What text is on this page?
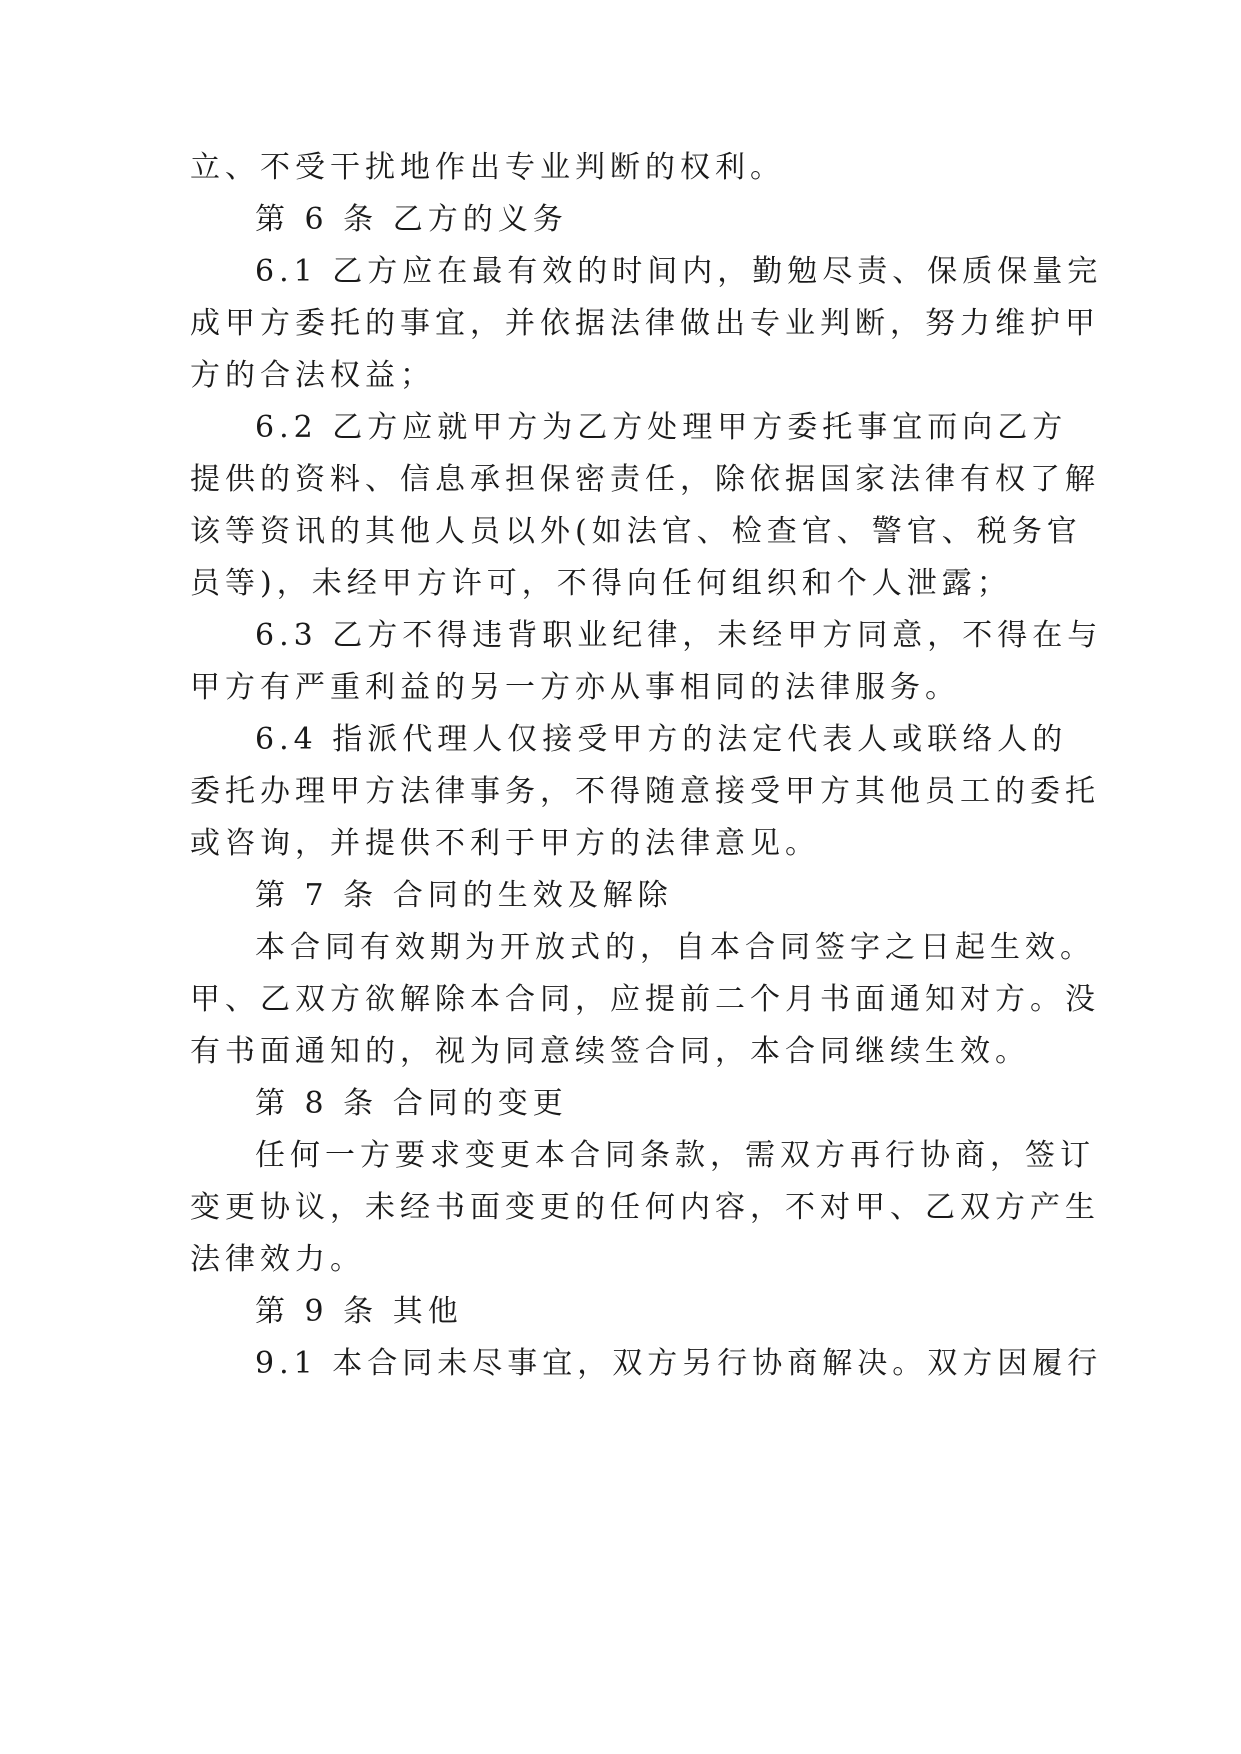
立、不受干扰地作出专业判断的权利。
第 6 条 乙方的义务
6.1 乙方应在最有效的时间内，勤勉尽责、保质保量完
成甲方委托的事宜，并依据法律做出专业判断，努力维护甲
方的合法权益；
6.2 乙方应就甲方为乙方处理甲方委托事宜而向乙方
提供的资料、信息承担保密责任，除依据国家法律有权了解
该等资讯的其他人员以外(如法官、检查官、警官、税务官
员等)，未经甲方许可，不得向任何组织和个人泄露；
6.3 乙方不得违背职业纪律，未经甲方同意，不得在与
甲方有严重利益的另一方亦从事相同的法律服务。
6.4 指派代理人仅接受甲方的法定代表人或联络人的
委托办理甲方法律事务，不得随意接受甲方其他员工的委托
或咨询，并提供不利于甲方的法律意见。
第 7 条 合同的生效及解除
本合同有效期为开放式的，自本合同签字之日起生效。
甲、乙双方欲解除本合同，应提前二个月书面通知对方。没
有书面通知的，视为同意续签合同，本合同继续生效。
第 8 条 合同的变更
任何一方要求变更本合同条款，需双方再行协商，签订
变更协议，未经书面变更的任何内容，不对甲、乙双方产生
法律效力。
第 9 条 其他
9.1 本合同未尽事宜，双方另行协商解决。双方因履行
